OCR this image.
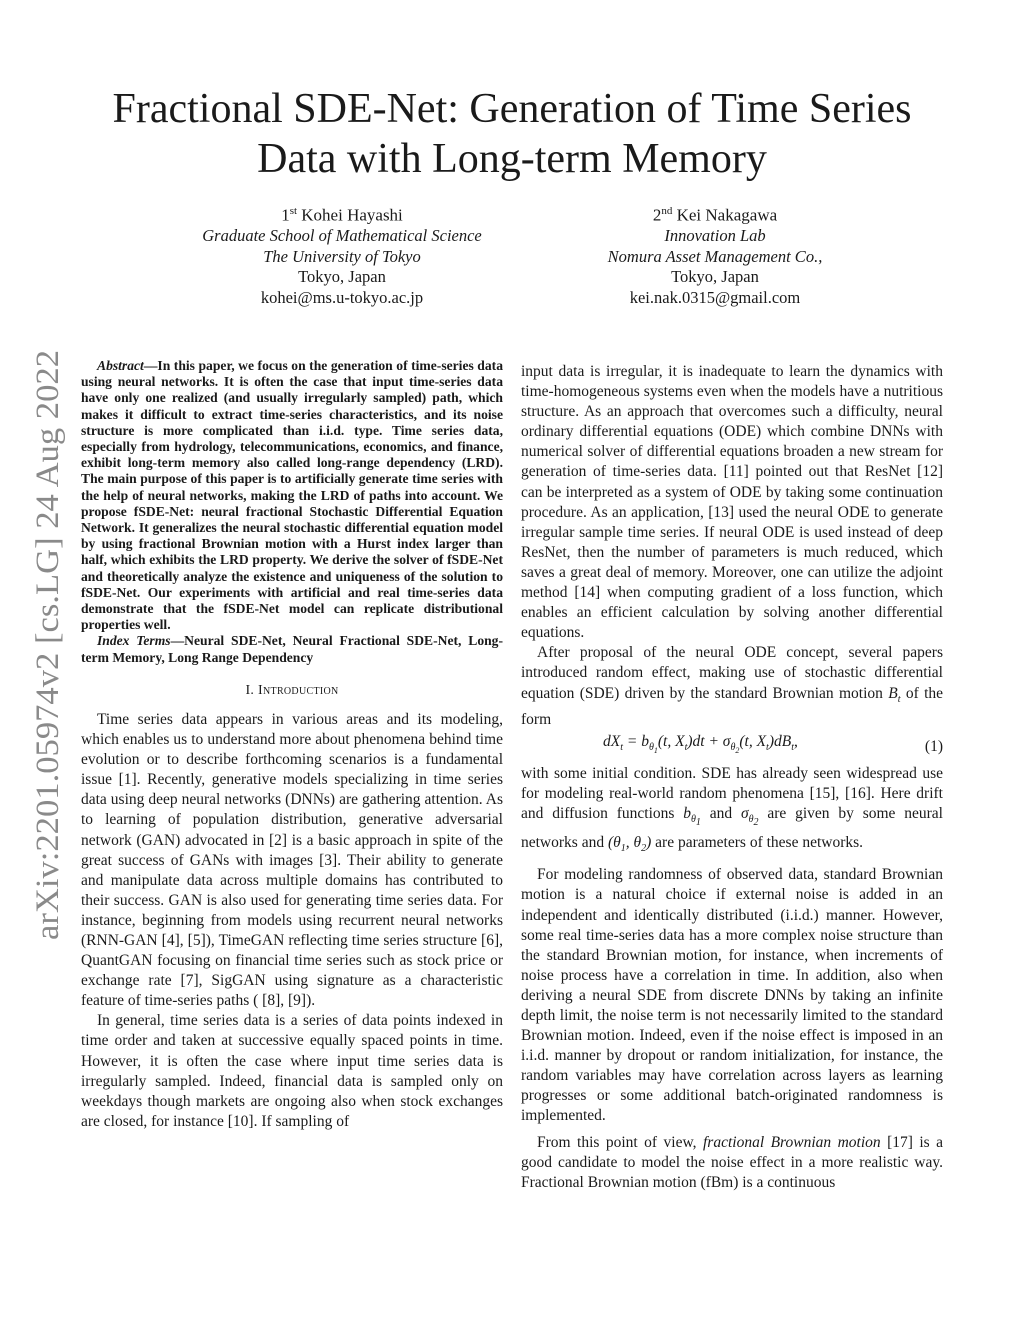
arXiv:2201.05974v2 [cs.LG] 24 Aug 2022
Fractional SDE-Net: Generation of Time Series
Data with Long-term Memory
1st Kohei Hayashi
Graduate School of Mathematical Science
The University of Tokyo
Tokyo, Japan
kohei@ms.u-tokyo.ac.jp
2nd Kei Nakagawa
Innovation Lab
Nomura Asset Management Co.,
Tokyo, Japan
kei.nak.0315@gmail.com

Abstract—In this paper, we focus on the generation of time-series data using neural networks. It is often the case that input time-series data have only one realized (and usually irregularly sampled) path, which makes it difficult to extract time-series characteristics, and its noise structure is more complicated than i.i.d. type. Time series data, especially from hydrology, telecommunications, economics, and finance, exhibit long-term memory also called long-range dependency (LRD). The main purpose of this paper is to artificially generate time series with the help of neural networks, making the LRD of paths into account. We propose fSDE-Net: neural fractional Stochastic Differential Equation Network. It generalizes the neural stochastic differential equation model by using fractional Brownian motion with a Hurst index larger than half, which exhibits the LRD property. We derive the solver of fSDE-Net and theoretically analyze the existence and uniqueness of the solution to fSDE-Net. Our experiments with artificial and real time-series data demonstrate that the fSDE-Net model can replicate distributional properties well.

Index Terms—Neural SDE-Net, Neural Fractional SDE-Net, Long-term Memory, Long Range Dependency

I. Introduction

Time series data appears in various areas and its modeling, which enables us to understand more about phenomena behind time evolution or to describe forthcoming scenarios is a fundamental issue [1]. Recently, generative models specializing in time series data using deep neural networks (DNNs) are gathering attention. As to learning of population distribution, generative adversarial network (GAN) advocated in [2] is a basic approach in spite of the great success of GANs with images [3]. Their ability to generate and manipulate data across multiple domains has contributed to their success. GAN is also used for generating time series data. For instance, beginning from models using recurrent neural networks (RNN-GAN [4], [5]), TimeGAN reflecting time series structure [6], QuantGAN focusing on financial time series such as stock price or exchange rate [7], SigGAN using signature as a characteristic feature of time-series paths ( [8], [9]).

In general, time series data is a series of data points indexed in time order and taken at successive equally spaced points in time. However, it is often the case where input time series data is irregularly sampled. Indeed, financial data is sampled only on weekdays though markets are ongoing also when stock exchanges are closed, for instance [10]. If sampling of

input data is irregular, it is inadequate to learn the dynamics with time-homogeneous systems even when the models have a nutritious structure. As an approach that overcomes such a difficulty, neural ordinary differential equations (ODE) which combine DNNs with numerical solver of differential equations broaden a new stream for generation of time-series data. [11] pointed out that ResNet [12] can be interpreted as a system of ODE by taking some continuation procedure. As an application, [13] used the neural ODE to generate irregular sample time series. If neural ODE is used instead of deep ResNet, then the number of parameters is much reduced, which saves a great deal of memory. Moreover, one can utilize the adjoint method [14] when computing gradient of a loss function, which enables an efficient calculation by solving another differential equations.

After proposal of the neural ODE concept, several papers introduced random effect, making use of stochastic differential equation (SDE) driven by the standard Brownian motion $B_t$ of the form

$dX_t = b_{\theta_1}(t$, $X_t)dt + \sigma_{\theta_2}(t$, $X_t)dB_t$,	(1)

with some initial condition. SDE has already seen widespread use for modeling real-world random phenomena [15], [16]. Here drift and diffusion functions $b_{\theta_1}$ and $\sigma_{\theta_2}$ are given by some neural networks and ($\theta_1$, $\theta_2$) are parameters of these networks.

For modeling randomness of observed data, standard Brownian motion is a natural choice if external noise is added in an independent and identically distributed (i.i.d.) manner. However, some real time-series data has a more complex noise structure than the standard Brownian motion, for instance, when increments of noise process have a correlation in time. In addition, also when deriving a neural SDE from discrete DNNs by taking an infinite depth limit, the noise term is not necessarily limited to the standard Brownian motion. Indeed, even if the noise effect is imposed in an i.i.d. manner by dropout or random initialization, for instance, the random variables may have correlation across layers as learning progresses or some additional batch-originated randomness is implemented.

From this point of view, fractional Brownian motion [17] is a good candidate to model the noise effect in a more realistic way. Fractional Brownian motion (fBm) is a continuous
